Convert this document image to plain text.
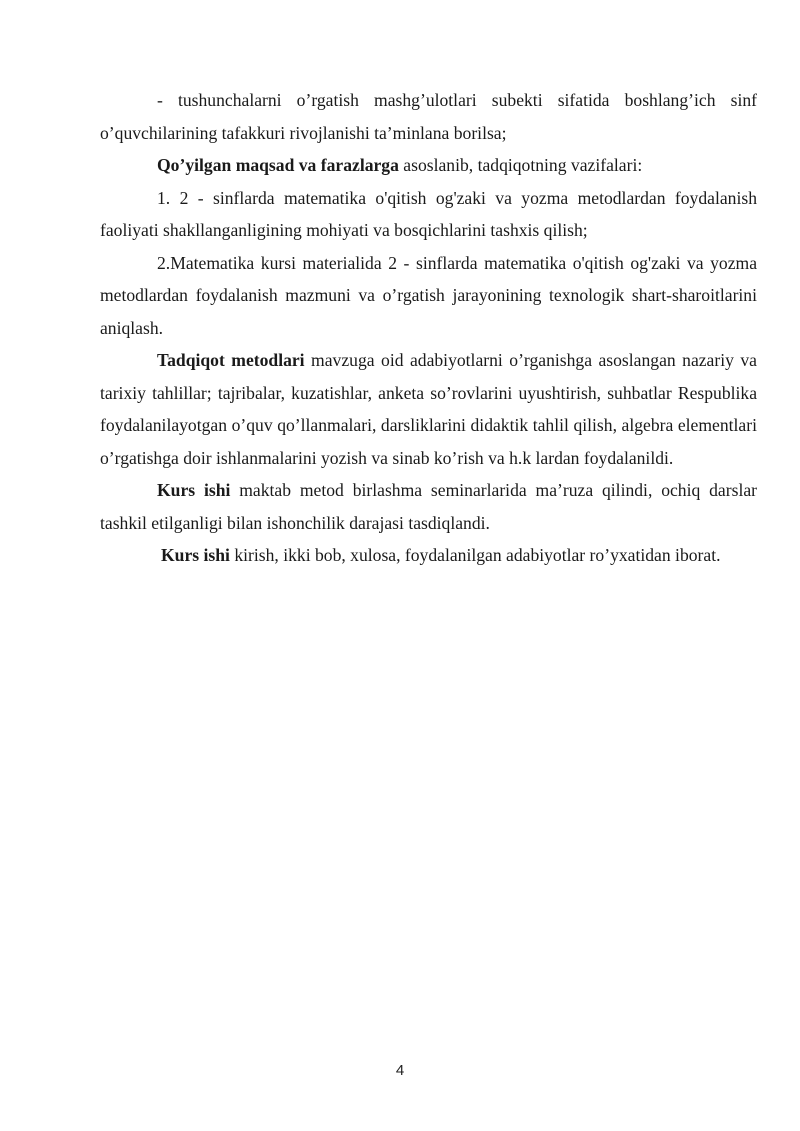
- tushunchalarni o’rgatish mashg’ulotlari subekti sifatida boshlang’ich sinf o’quvchilarining tafakkuri rivojlanishi ta’minlana borilsa;

Qo’yilgan maqsad va farazlarga asoslanib, tadqiqotning vazifalari:

1. 2 - sinflarda matematika o'qitish og'zaki va yozma metodlardan foydalanish faoliyati shakllanganligining mohiyati va bosqichlarini tashxis qilish;

2.Matematika kursi materialida 2 - sinflarda matematika o'qitish og'zaki va yozma metodlardan foydalanish mazmuni va o’rgatish jarayonining texnologik shart-sharoitlarini aniqlash.

Tadqiqot metodlari mavzuga oid adabiyotlarni o’rganishga asoslangan nazariy va tarixiy tahlillar; tajribalar, kuzatishlar, anketa so’rovlarini uyushtirish, suhbatlar Respublika foydalanilayotgan o’quv qo’llanmalari, darsliklarini didaktik tahlil qilish, algebra elementlari o’rgatishga doir ishlanmalarini yozish va sinab ko’rish va h.k lardan foydalanildi.

Kurs ishi maktab metod birlashma seminarlarida ma’ruza qilindi, ochiq darslar tashkil etilganligi bilan ishonchilik darajasi tasdiqlandi.

Kurs ishi kirish, ikki bob, xulosa, foydalanilgan adabiyotlar ro’yxatidan iborat.

4
